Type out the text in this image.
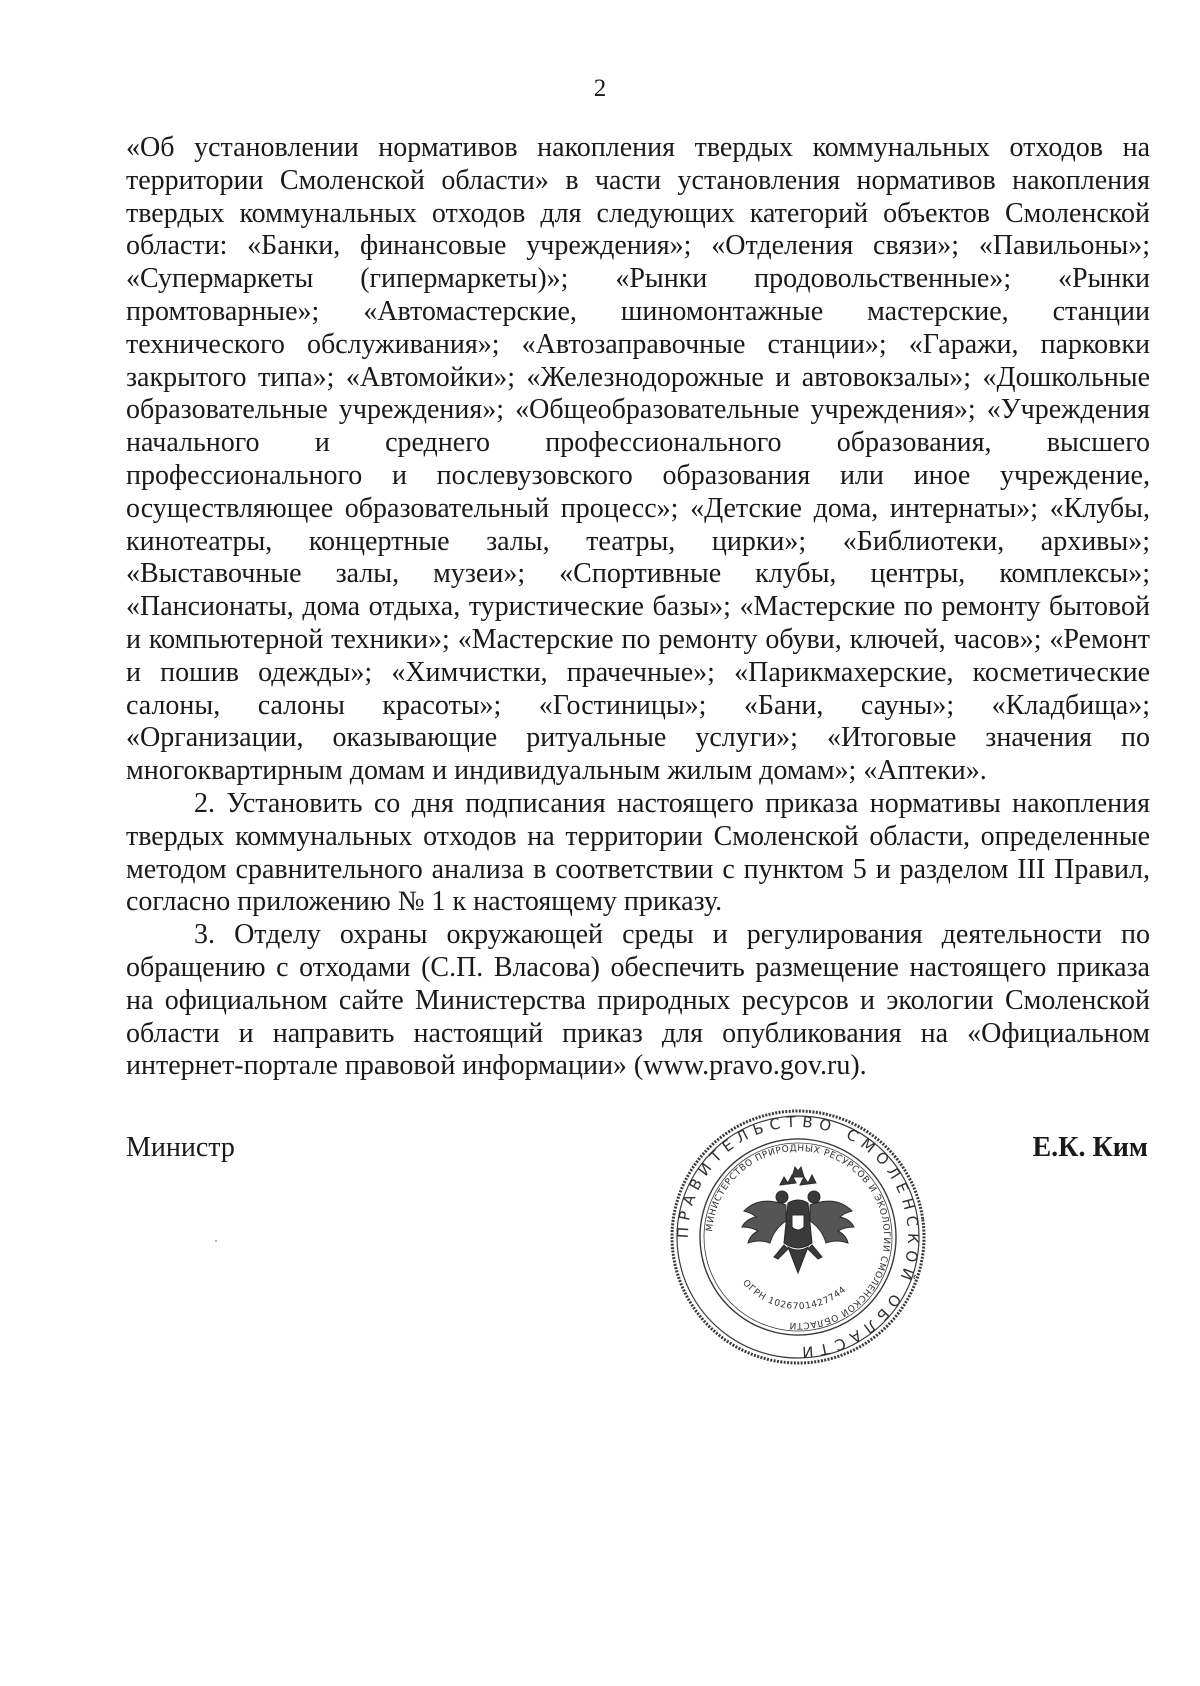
2

«Об установлении нормативов накопления твердых коммунальных отходов на территории Смоленской области» в части установления нормативов накопления твердых коммунальных отходов для следующих категорий объектов Смоленской области: «Банки, финансовые учреждения»; «Отделения связи»; «Павильоны»; «Супермаркеты (гипермаркеты)»; «Рынки продовольственные»; «Рынки промтоварные»; «Автомастерские, шиномонтажные мастерские, станции технического обслуживания»; «Автозаправочные станции»; «Гаражи, парковки закрытого типа»; «Автомойки»; «Железнодорожные и автовокзалы»; «Дошкольные образовательные учреждения»; «Общеобразовательные учреждения»; «Учреждения начального и среднего профессионального образования, высшего профессионального и послевузовского образования или иное учреждение, осуществляющее образовательный процесс»; «Детские дома, интернаты»; «Клубы, кинотеатры, концертные залы, театры, цирки»; «Библиотеки, архивы»; «Выставочные залы, музеи»; «Спортивные клубы, центры, комплексы»; «Пансионаты, дома отдыха, туристические базы»; «Мастерские по ремонту бытовой и компьютерной техники»; «Мастерские по ремонту обуви, ключей, часов»; «Ремонт и пошив одежды»; «Химчистки, прачечные»; «Парикмахерские, косметические салоны, салоны красоты»; «Гостиницы»; «Бани, сауны»; «Кладбища»; «Организации, оказывающие ритуальные услуги»; «Итоговые значения по многоквартирным домам и индивидуальным жилым домам»; «Аптеки».

2. Установить со дня подписания настоящего приказа нормативы накопления твердых коммунальных отходов на территории Смоленской области, определенные методом сравнительного анализа в соответствии с пунктом 5 и разделом III Правил, согласно приложению № 1 к настоящему приказу.

3. Отделу охраны окружающей среды и регулирования деятельности по обращению с отходами (С.П. Власова) обеспечить размещение настоящего приказа на официальном сайте Министерства природных ресурсов и экологии Смоленской области и направить настоящий приказ для опубликования на «Официальном интернет-портале правовой информации» (www.pravo.gov.ru).

Министр	Е.К. Ким
ПРАВИТЕЛЬСТВО СМОЛЕНСКОЙ ОБЛАСТИ
МИНИСТЕРСТВО ПРИРОДНЫХ РЕСУРСОВ И ЭКОЛОГИИ СМОЛЕНСКОЙ ОБЛАСТИ
ОГРН 1026701427744
